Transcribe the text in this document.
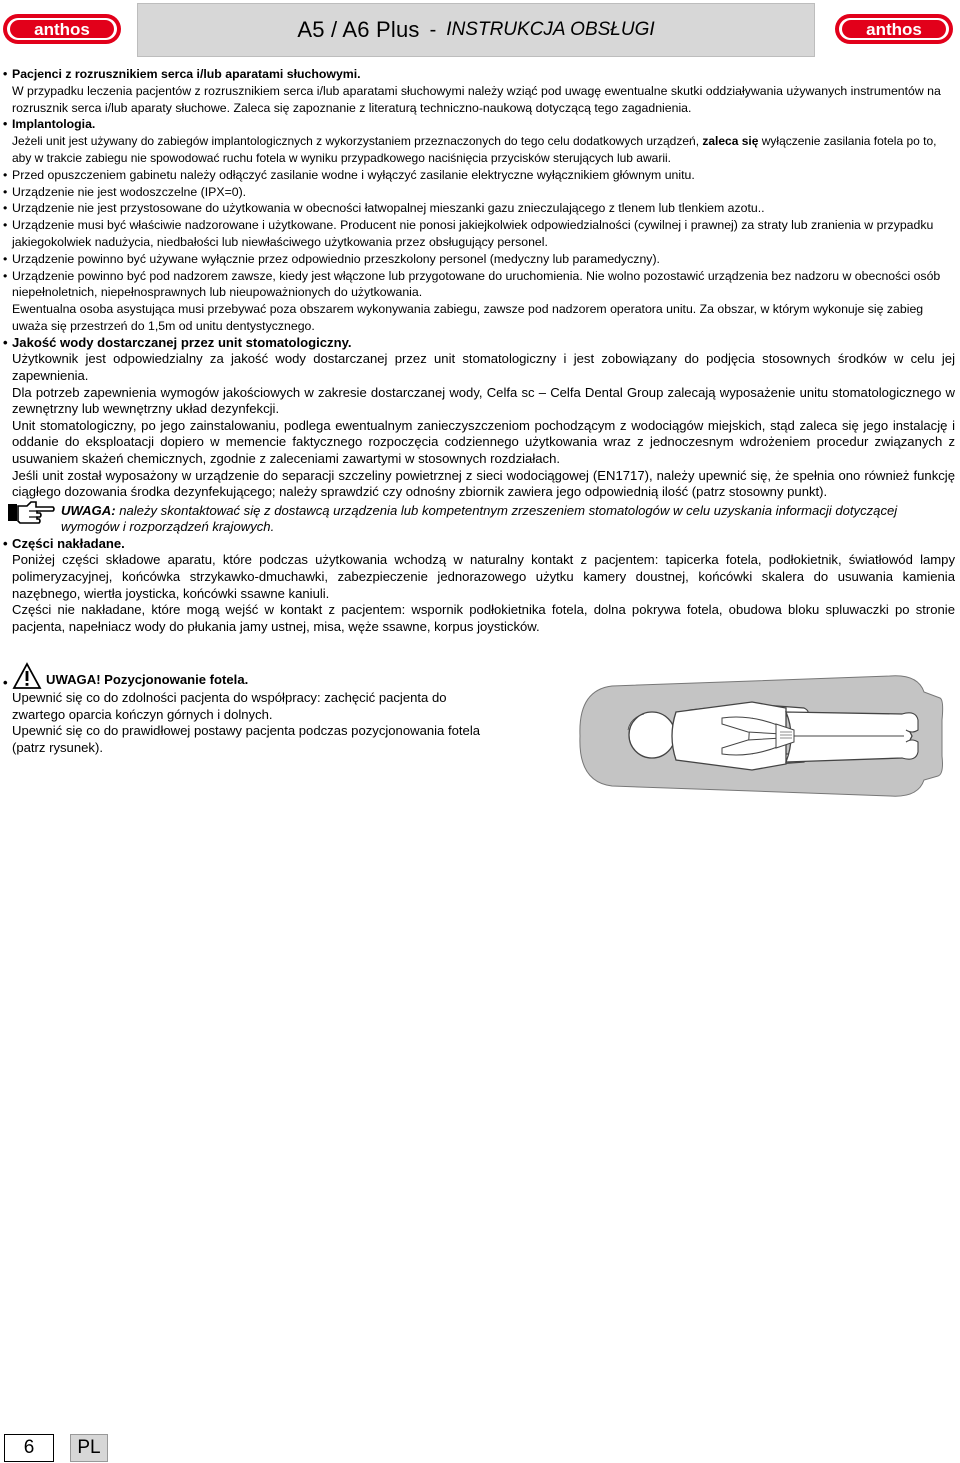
anthos	A5 / A6 Plus - INSTRUKCJA OBSŁUGI	anthos
• Pacjenci z rozrusznikiem serca i/lub aparatami słuchowymi.
W przypadku leczenia pacjentów z rozrusznikiem serca i/lub aparatami słuchowymi należy wziąć pod uwagę ewentualne skutki oddziaływania używanych instrumentów na rozrusznik serca i/lub aparaty słuchowe. Zaleca się zapoznanie z literaturą techniczno-naukową dotyczącą tego zagadnienia.
• Implantologia.
Jeżeli unit jest używany do zabiegów implantologicznych z wykorzystaniem przeznaczonych do tego celu dodatkowych urządzeń, zaleca się wyłączenie zasilania fotela po to, aby w trakcie zabiegu nie spowodować ruchu fotela w wyniku przypadkowego naciśnięcia przycisków sterujących lub awarii.
• Przed opuszczeniem gabinetu należy odłączyć zasilanie wodne i wyłączyć zasilanie elektryczne wyłącznikiem głównym unitu.
• Urządzenie nie jest wodoszczelne (IPX=0).
• Urządzenie nie jest przystosowane do użytkowania w obecności łatwopalnej mieszanki gazu znieczulającego z tlenem lub tlenkiem azotu..
• Urządzenie musi być właściwie nadzorowane i użytkowane. Producent nie ponosi jakiejkolwiek odpowiedzialności (cywilnej i prawnej) za straty lub zranienia w przypadku jakiegokolwiek nadużycia, niedbałości lub niewłaściwego użytkowania przez obsługujący personel.
• Urządzenie powinno być używane wyłącznie przez odpowiednio przeszkolony personel (medyczny lub paramedyczny).
• Urządzenie powinno być pod nadzorem zawsze, kiedy jest włączone lub przygotowane do uruchomienia. Nie wolno pozostawić urządzenia bez nadzoru w obecności osób niepełnoletnich, niepełnosprawnych lub nieupoważnionych do użytkowania.
Ewentualna osoba asystująca musi przebywać poza obszarem wykonywania zabiegu, zawsze pod nadzorem operatora unitu. Za obszar, w którym wykonuje się zabieg uważa się przestrzeń do 1,5m od unitu dentystycznego.
• Jakość wody dostarczanej przez unit stomatologiczny.
Użytkownik jest odpowiedzialny za jakość wody dostarczanej przez unit stomatologiczny i jest zobowiązany do podjęcia stosownych środków w celu jej zapewnienia.
Dla potrzeb zapewnienia wymogów jakościowych w zakresie dostarczanej wody, Celfa sc – Celfa Dental Group zalecają wyposażenie unitu stomatologicznego w zewnętrzny lub wewnętrzny układ dezynfekcji.
Unit stomatologiczny, po jego zainstalowaniu, podlega ewentualnym zanieczyszczeniom pochodzącym z wodociągów miejskich, stąd zaleca się jego instalację i oddanie do eksploatacji dopiero w memencie faktycznego rozpoczęcia codziennego użytkowania wraz z jednoczesnym wdrożeniem procedur związanych z usuwaniem skażeń chemicznych, zgodnie z zaleceniami zawartymi w stosownych rozdziałach.
Jeśli unit został wyposażony w urządzenie do separacji szczeliny powietrznej z sieci wodociągowej (EN1717), należy upewnić się, że spełnia ono również funkcję ciągłego dozowania środka dezynfekującego; należy sprawdzić czy odnośny zbiornik zawiera jego odpowiednią ilość (patrz stosowny punkt).
UWAGA: należy skontaktować się z dostawcą urządzenia lub kompetentnym zrzeszeniem stomatologów w celu uzyskania informacji dotyczącej wymogów i rozporządzeń krajowych.
• Części nakładane.
Poniżej części składowe aparatu, które podczas użytkowania wchodzą w naturalny kontakt z pacjentem: tapicerka fotela, podłokietnik, światłowód lampy polimeryzacyjnej, końcówka strzykawko-dmuchawki, zabezpieczenie jednorazowego użytku kamery doustnej, końcówki skalera do usuwania kamienia nazębnego, wiertła joysticka, końcówki ssawne kaniuli.
Części nie nakładane, które mogą wejść w kontakt z pacjentem: wspornik podłokietnika fotela, dolna pokrywa fotela, obudowa bloku spluwaczki po stronie pacjenta, napełniacz wody do płukania jamy ustnej, misa, węże ssawne, korpus joysticków.
•	UWAGA! Pozycjonowanie fotela.
Upewnić się co do zdolności pacjenta do współpracy: zachęcić pacjenta do zwartego oparcia kończyn górnych i dolnych.
Upewnić się co do prawidłowej postawy pacjenta podczas pozycjonowania fotela (patrz rysunek).
6	PL
